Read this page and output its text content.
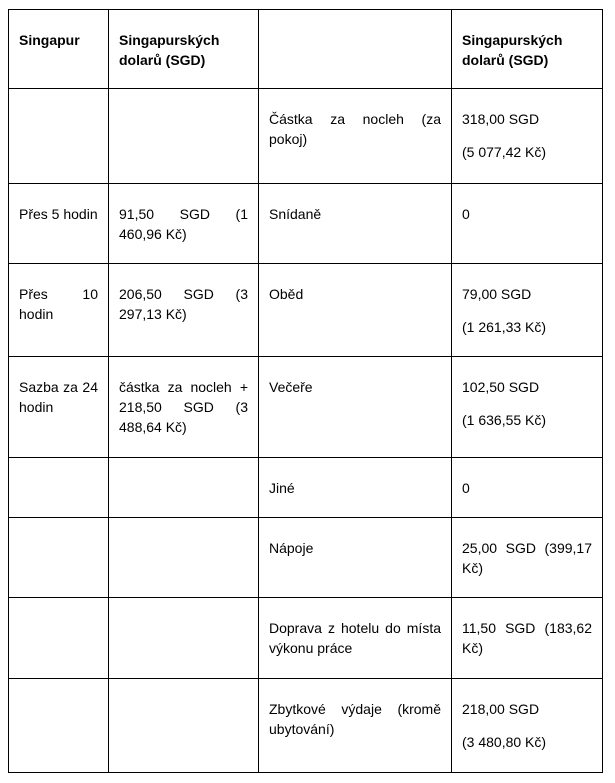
Singapur	Singapurských dolarů (SGD)		Singapurských dolarů (SGD)

		Částka za nocleh (za pokoj)	318,00 SGD
(5 077,42 Kč)

Přes 5 hodin	91,50 SGD (1 460,96 Kč)	Snídaně	0

Přes 10 hodin	206,50 SGD (3 297,13 Kč)	Oběd	79,00 SGD
(1 261,33 Kč)

Sazba za 24 hodin	částka za nocleh + 218,50 SGD (3 488,64 Kč)	Večeře	102,50 SGD
(1 636,55 Kč)

		Jiné	0

		Nápoje	25,00 SGD (399,17 Kč)

		Doprava z hotelu do místa výkonu práce	11,50 SGD (183,62 Kč)

		Zbytkové výdaje (kromě ubytování)	218,00 SGD
(3 480,80 Kč)
